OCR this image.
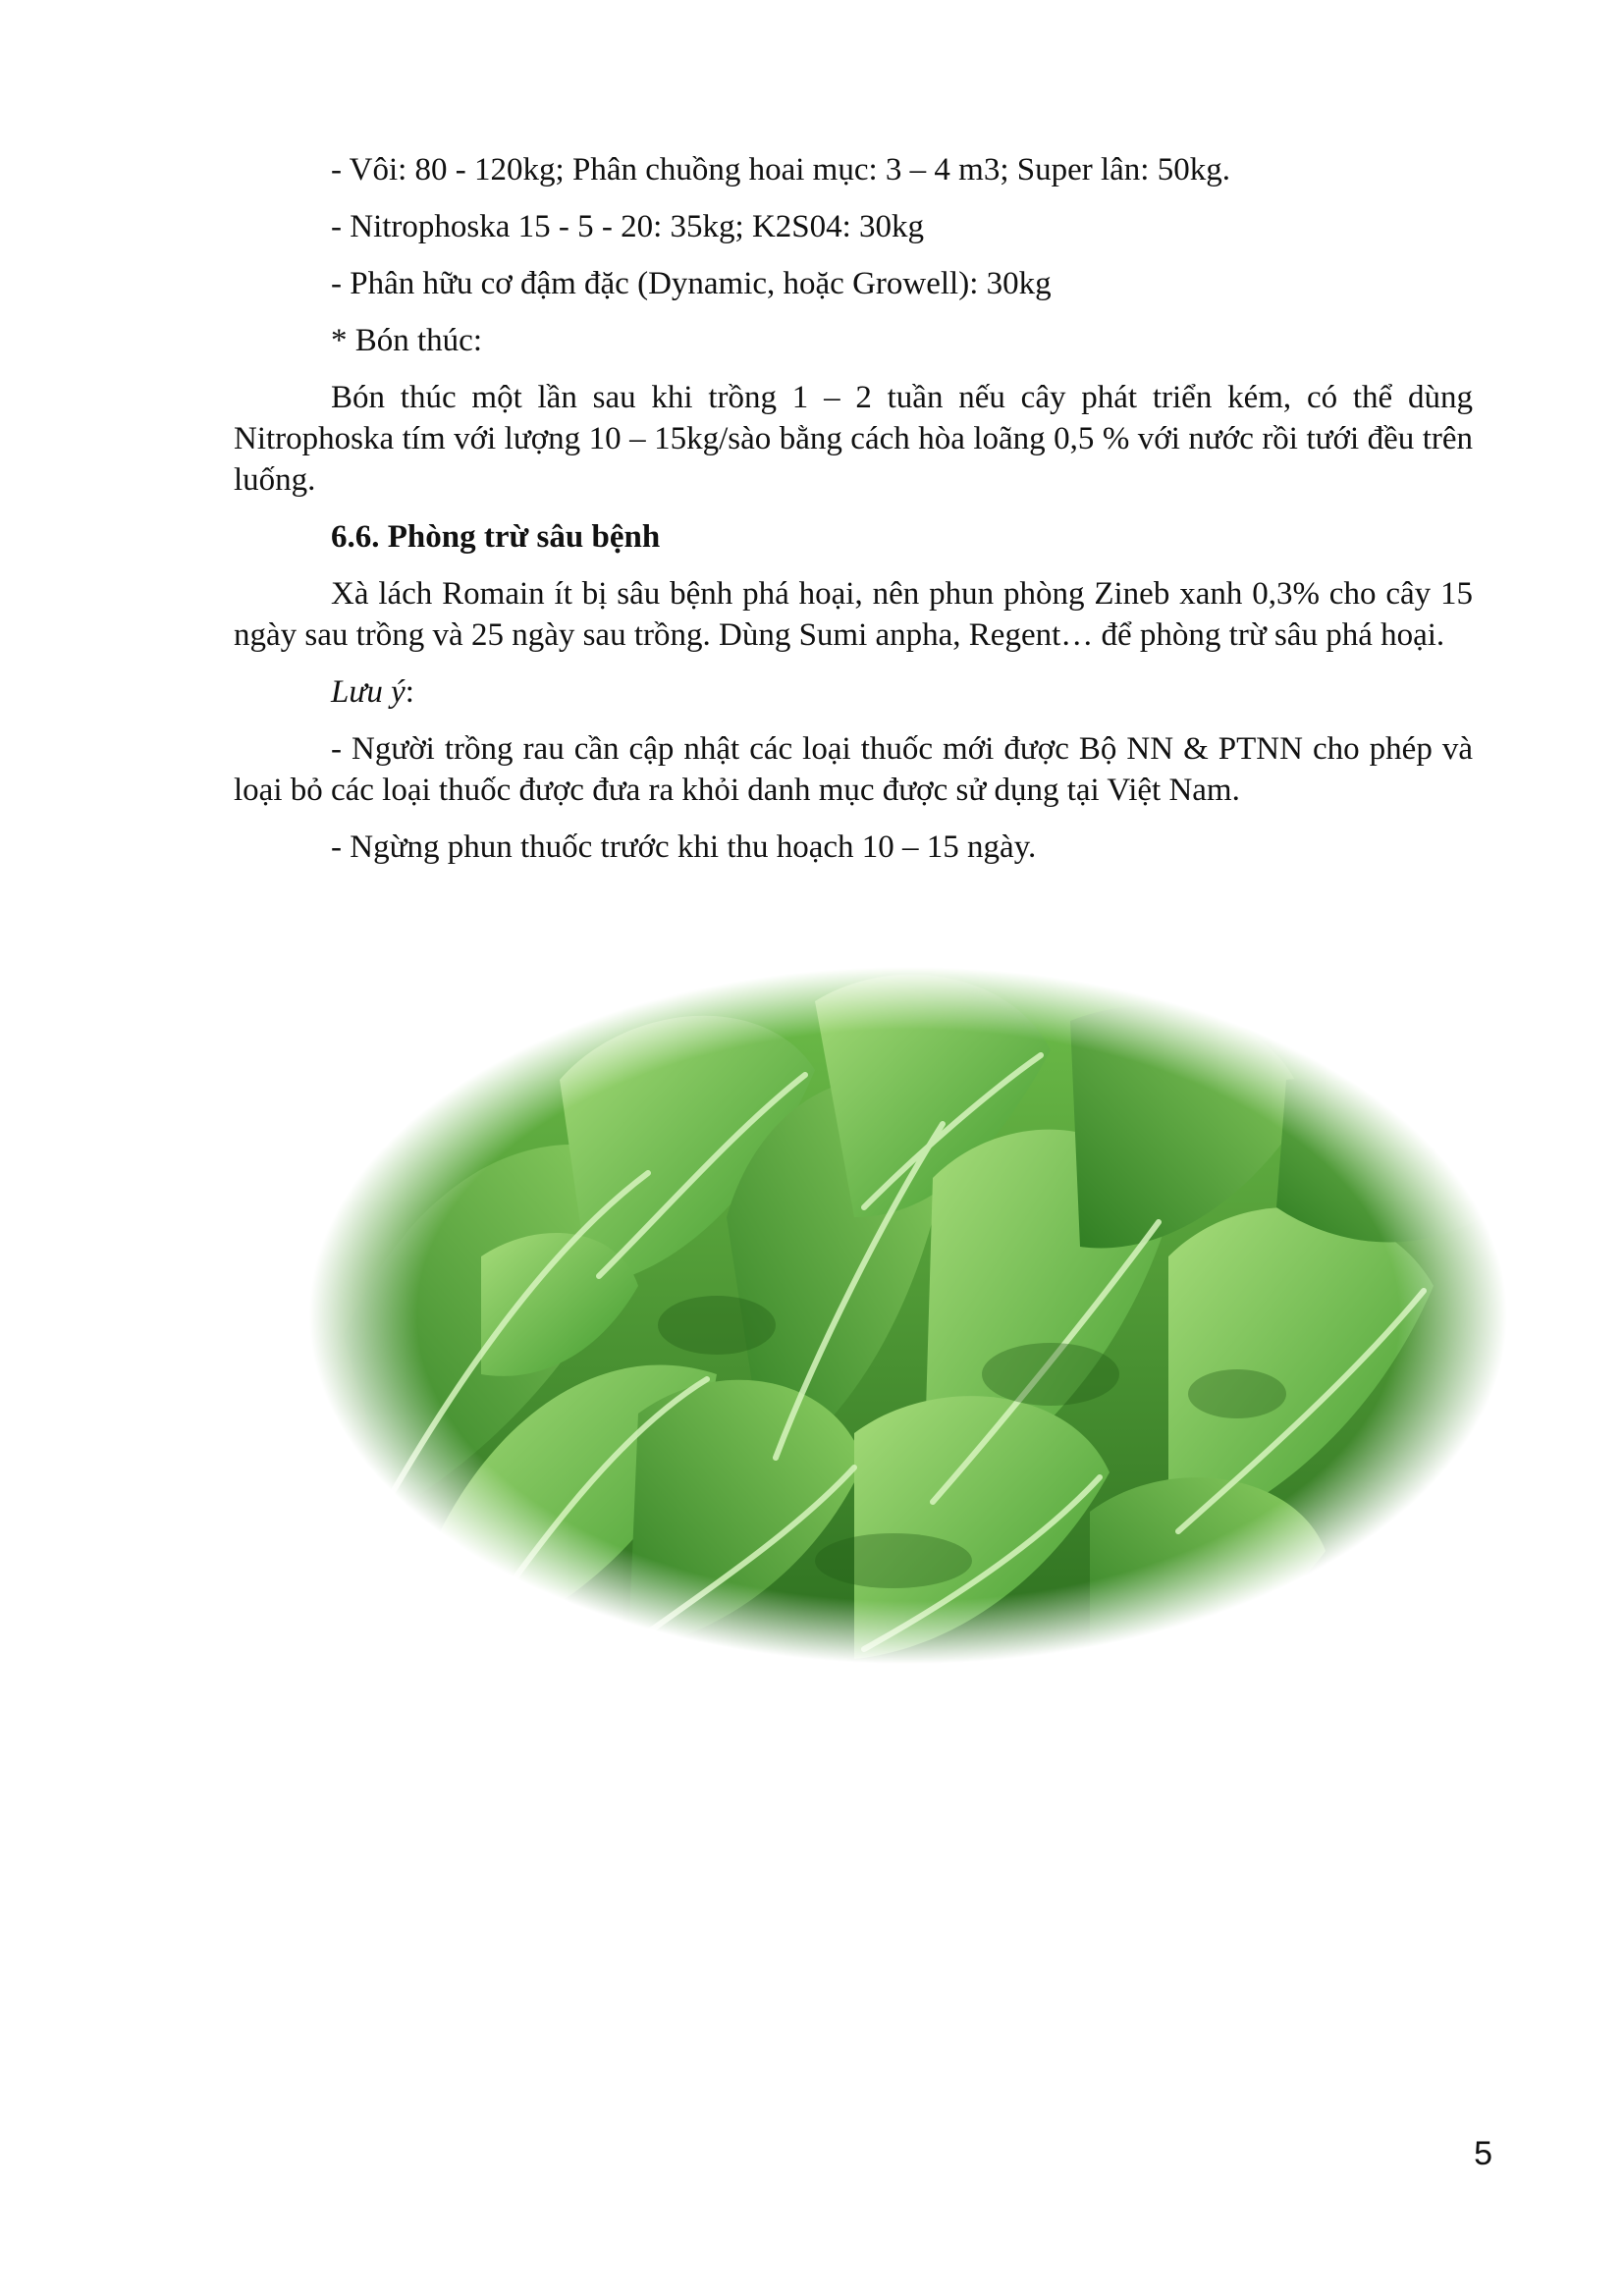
- Vôi: 80 - 120kg; Phân chuồng hoai mục: 3 – 4 m3; Super lân: 50kg.

- Nitrophoska 15 - 5 - 20: 35kg; K2S04: 30kg

- Phân hữu cơ đậm đặc (Dynamic, hoặc Growell): 30kg

* Bón thúc:

Bón thúc một lần sau khi trồng 1 – 2 tuần nếu cây phát triển kém, có thể dùng Nitrophoska tím với lượng 10 – 15kg/sào bằng cách hòa loãng 0,5 % với nước rồi tưới đều trên luống.

6.6. Phòng trừ sâu bệnh

Xà lách Romain ít bị sâu bệnh phá hoại, nên phun phòng Zineb xanh 0,3% cho cây 15 ngày sau trồng và 25 ngày sau trồng. Dùng Sumi anpha, Regent… để phòng trừ sâu phá hoại.

Lưu ý:

- Người trồng rau cần cập nhật các loại thuốc mới được Bộ NN & PTNN cho phép và loại bỏ các loại thuốc được đưa ra khỏi danh mục được sử dụng tại Việt Nam.

- Ngừng phun thuốc trước khi thu hoạch 10 – 15 ngày.

5
